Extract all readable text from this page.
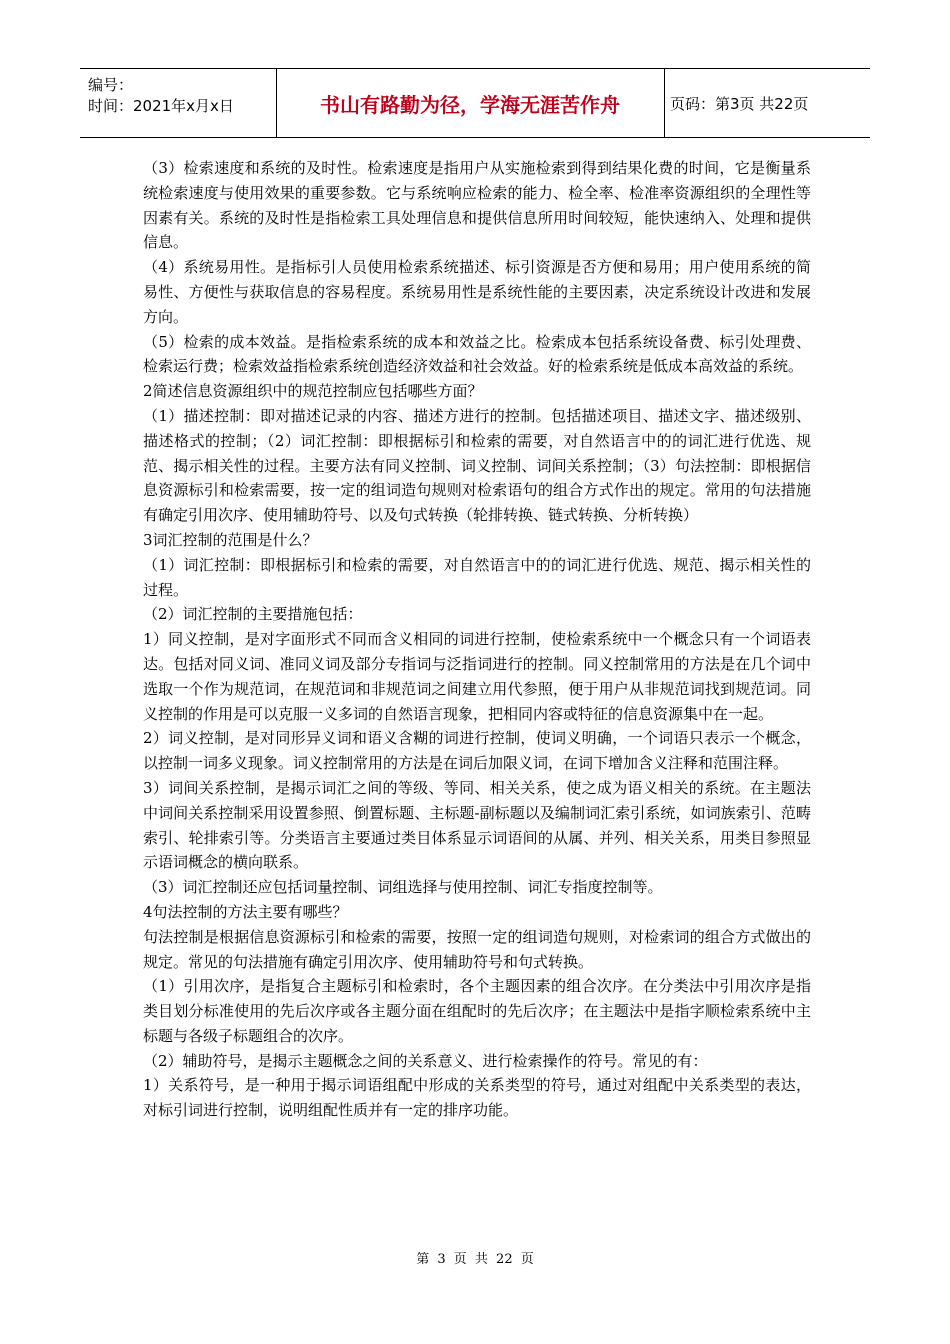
编号：
时间：2021年x月x日	书山有路勤为径，学海无涯苦作舟	页码：第3页 共22页

（3）检索速度和系统的及时性。检索速度是指用户从实施检索到得到结果化费的时间，它是衡量系统检索速度与使用效果的重要参数。它与系统响应检索的能力、检全率、检准率资源组织的全理性等因素有关。系统的及时性是指检索工具处理信息和提供信息所用时间较短，能快速纳入、处理和提供信息。

（4）系统易用性。是指标引人员使用检索系统描述、标引资源是否方便和易用；用户使用系统的简易性、方便性与获取信息的容易程度。系统易用性是系统性能的主要因素，决定系统设计改进和发展方向。

（5）检索的成本效益。是指检索系统的成本和效益之比。检索成本包括系统设备费、标引处理费、检索运行费；检索效益指检索系统创造经济效益和社会效益。好的检索系统是低成本高效益的系统。

2简述信息资源组织中的规范控制应包括哪些方面？

（1）描述控制：即对描述记录的内容、描述方进行的控制。包括描述项目、描述文字、描述级别、描述格式的控制；（2）词汇控制：即根据标引和检索的需要，对自然语言中的的词汇进行优选、规范、揭示相关性的过程。主要方法有同义控制、词义控制、词间关系控制；（3）句法控制：即根据信息资源标引和检索需要，按一定的组词造句规则对检索语句的组合方式作出的规定。常用的句法措施有确定引用次序、使用辅助符号、以及句式转换（轮排转换、链式转换、分析转换）

3词汇控制的范围是什么？

（1）词汇控制：即根据标引和检索的需要，对自然语言中的的词汇进行优选、规范、揭示相关性的过程。

（2）词汇控制的主要措施包括：

1）同义控制，是对字面形式不同而含义相同的词进行控制，使检索系统中一个概念只有一个词语表达。包括对同义词、准同义词及部分专指词与泛指词进行的控制。同义控制常用的方法是在几个词中选取一个作为规范词，在规范词和非规范词之间建立用代参照，便于用户从非规范词找到规范词。同义控制的作用是可以克服一义多词的自然语言现象，把相同内容或特征的信息资源集中在一起。

2）词义控制，是对同形异义词和语义含糊的词进行控制，使词义明确，一个词语只表示一个概念，以控制一词多义现象。词义控制常用的方法是在词后加限义词，在词下增加含义注释和范围注释。

3）词间关系控制，是揭示词汇之间的等级、等同、相关关系，使之成为语义相关的系统。在主题法中词间关系控制采用设置参照、倒置标题、主标题-副标题以及编制词汇索引系统，如词族索引、范畴索引、轮排索引等。分类语言主要通过类目体系显示词语间的从属、并列、相关关系，用类目参照显示语词概念的横向联系。

（3）词汇控制还应包括词量控制、词组选择与使用控制、词汇专指度控制等。

4句法控制的方法主要有哪些？

句法控制是根据信息资源标引和检索的需要，按照一定的组词造句规则，对检索词的组合方式做出的规定。常见的句法措施有确定引用次序、使用辅助符号和句式转换。

（1）引用次序，是指复合主题标引和检索时，各个主题因素的组合次序。在分类法中引用次序是指类目划分标准使用的先后次序或各主题分面在组配时的先后次序；在主题法中是指字顺检索系统中主标题与各级子标题组合的次序。

（2）辅助符号，是揭示主题概念之间的关系意义、进行检索操作的符号。常见的有：

1）关系符号，是一种用于揭示词语组配中形成的关系类型的符号，通过对组配中关系类型的表达，对标引词进行控制，说明组配性质并有一定的排序功能。

第 3 页 共 22 页
